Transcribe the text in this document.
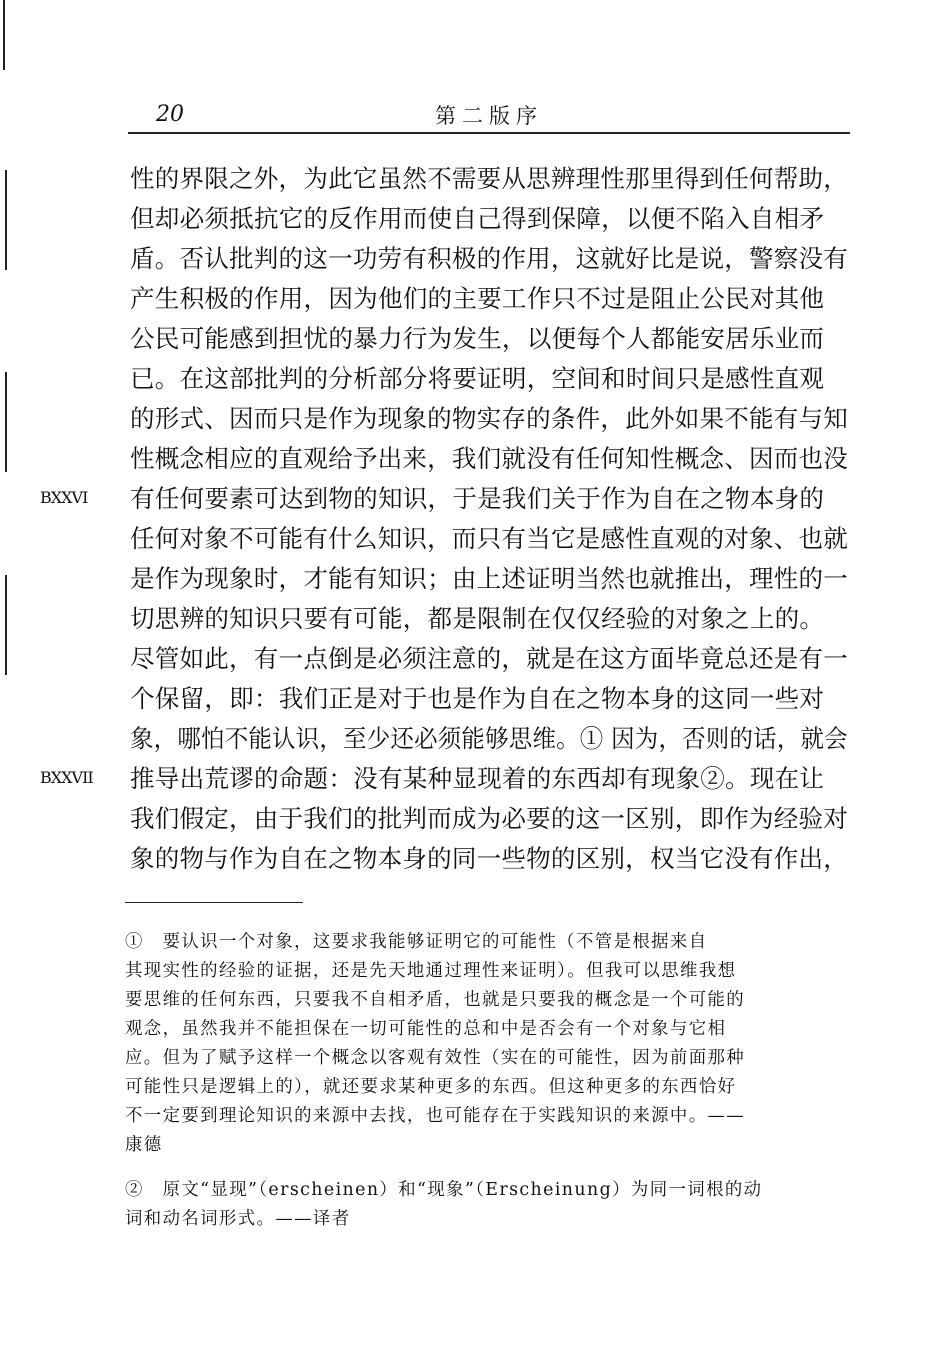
20	第二版序
性的界限之外，为此它虽然不需要从思辨理性那里得到任何帮助，
但却必须抵抗它的反作用而使自己得到保障，以便不陷入自相矛
盾。否认批判的这一功劳有积极的作用，这就好比是说，警察没有
产生积极的作用，因为他们的主要工作只不过是阻止公民对其他
公民可能感到担忧的暴力行为发生，以便每个人都能安居乐业而
已。在这部批判的分析部分将要证明，空间和时间只是感性直观
的形式、因而只是作为现象的物实存的条件，此外如果不能有与知
性概念相应的直观给予出来，我们就没有任何知性概念、因而也没
有任何要素可达到物的知识，于是我们关于作为自在之物本身的
任何对象不可能有什么知识，而只有当它是感性直观的对象、也就
是作为现象时，才能有知识；由上述证明当然也就推出，理性的一
切思辨的知识只要有可能，都是限制在仅仅经验的对象之上的。
尽管如此，有一点倒是必须注意的，就是在这方面毕竟总还是有一
个保留，即：我们正是对于也是作为自在之物本身的这同一些对
象，哪怕不能认识，至少还必须能够思维。① 因为，否则的话，就会
推导出荒谬的命题：没有某种显现着的东西却有现象②。现在让
我们假定，由于我们的批判而成为必要的这一区别，即作为经验对
象的物与作为自在之物本身的同一些物的区别，权当它没有作出，
BXXVI
BXXVII
①　要认识一个对象，这要求我能够证明它的可能性（不管是根据来自
其现实性的经验的证据，还是先天地通过理性来证明）。但我可以思维我想
要思维的任何东西，只要我不自相矛盾，也就是只要我的概念是一个可能的
观念，虽然我并不能担保在一切可能性的总和中是否会有一个对象与它相
应。但为了赋予这样一个概念以客观有效性（实在的可能性，因为前面那种
可能性只是逻辑上的），就还要求某种更多的东西。但这种更多的东西恰好
不一定要到理论知识的来源中去找，也可能存在于实践知识的来源中。——
康德
②　原文“显现”（erscheinen）和“现象”（Erscheinung）为同一词根的动
词和动名词形式。——译者
